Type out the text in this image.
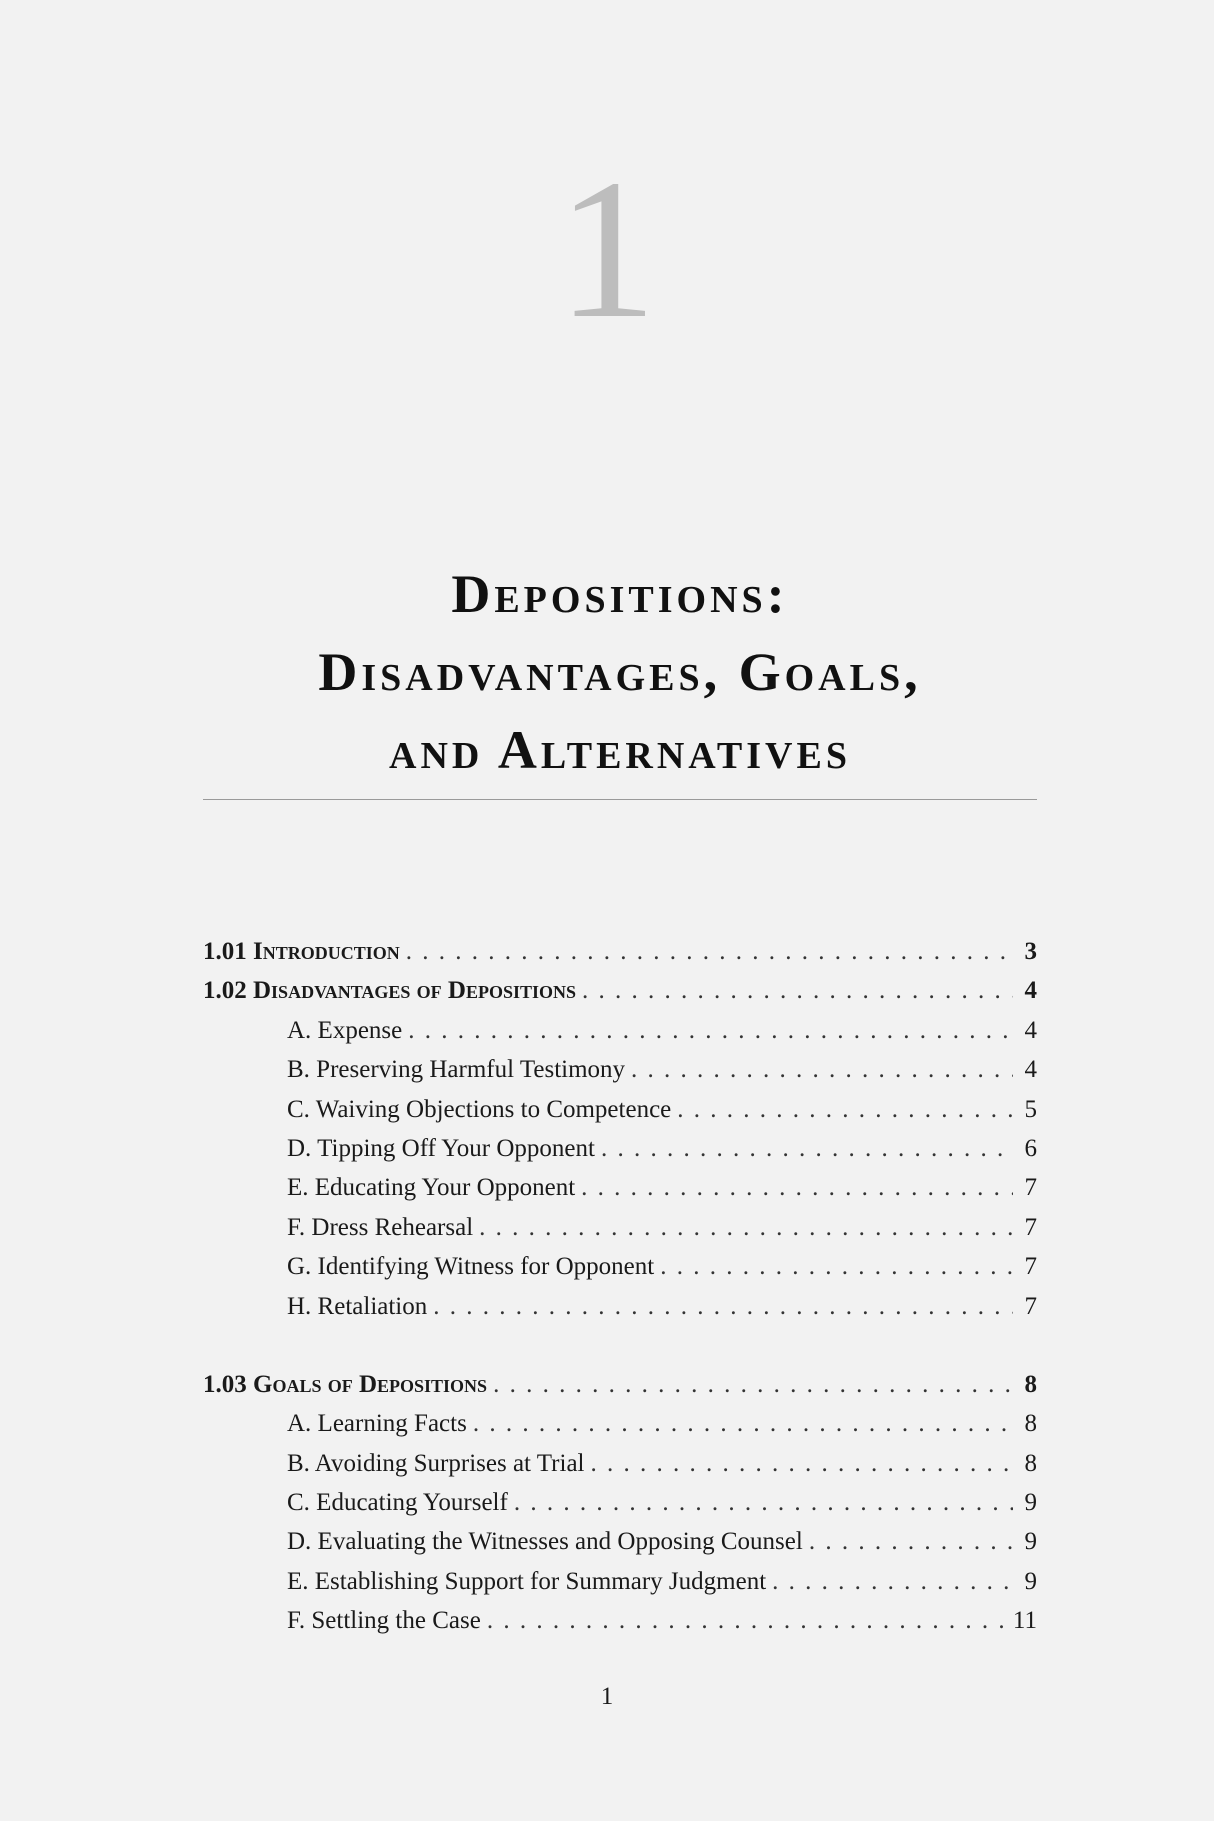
1
Depositions:
Disadvantages, Goals,
and Alternatives
1.01 Introduction . . .	3
1.02 Disadvantages of Depositions . . .	4
A. Expense . . .	4
B. Preserving Harmful Testimony . . .	4
C. Waiving Objections to Competence . . .	5
D. Tipping Off Your Opponent . . .	6
E. Educating Your Opponent . . .	7
F. Dress Rehearsal . . .	7
G. Identifying Witness for Opponent . . .	7
H. Retaliation . . .	7
1.03 Goals of Depositions . . .	8
A. Learning Facts . . .	8
B. Avoiding Surprises at Trial . . .	8
C. Educating Yourself . . .	9
D. Evaluating the Witnesses and Opposing Counsel . . .	9
E. Establishing Support for Summary Judgment . . .	9
F. Settling the Case . . .	11
1
